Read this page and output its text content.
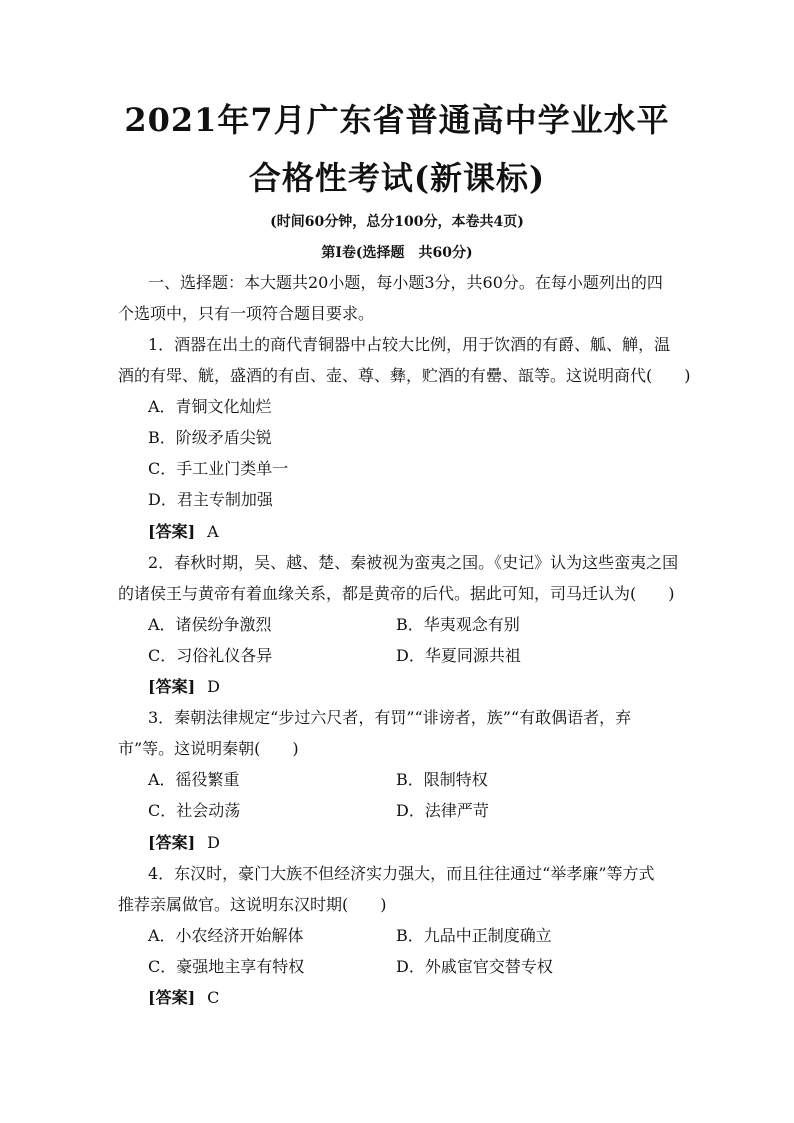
2021年7月广东省普通高中学业水平
合格性考试(新课标)
(时间60分钟，总分100分，本卷共4页)
第Ⅰ卷(选择题　共60分)
一、选择题：本大题共20小题，每小题3分，共60分。在每小题列出的四
个选项中，只有一项符合题目要求。
1．酒器在出土的商代青铜器中占较大比例，用于饮酒的有爵、觚、觯，温
酒的有斝、觥，盛酒的有卣、壶、尊、彝，贮酒的有罍、瓿等。这说明商代(　　)
A．青铜文化灿烂
B．阶级矛盾尖锐
C．手工业门类单一
D．君主专制加强
[答案] A
2．春秋时期，吴、越、楚、秦被视为蛮夷之国。《史记》认为这些蛮夷之国
的诸侯王与黄帝有着血缘关系，都是黄帝的后代。据此可知，司马迁认为(　　)
A．诸侯纷争激烈	B．华夷观念有别
C．习俗礼仪各异	D．华夏同源共祖
[答案] D
3．秦朝法律规定“步过六尺者，有罚”“诽谤者，族”“有敢偶语者，弃
市”等。这说明秦朝(　　)
A．徭役繁重	B．限制特权
C．社会动荡	D．法律严苛
[答案] D
4．东汉时，豪门大族不但经济实力强大，而且往往通过“举孝廉”等方式
推荐亲属做官。这说明东汉时期(　　)
A．小农经济开始解体	B．九品中正制度确立
C．豪强地主享有特权	D．外戚宦官交替专权
[答案] C
